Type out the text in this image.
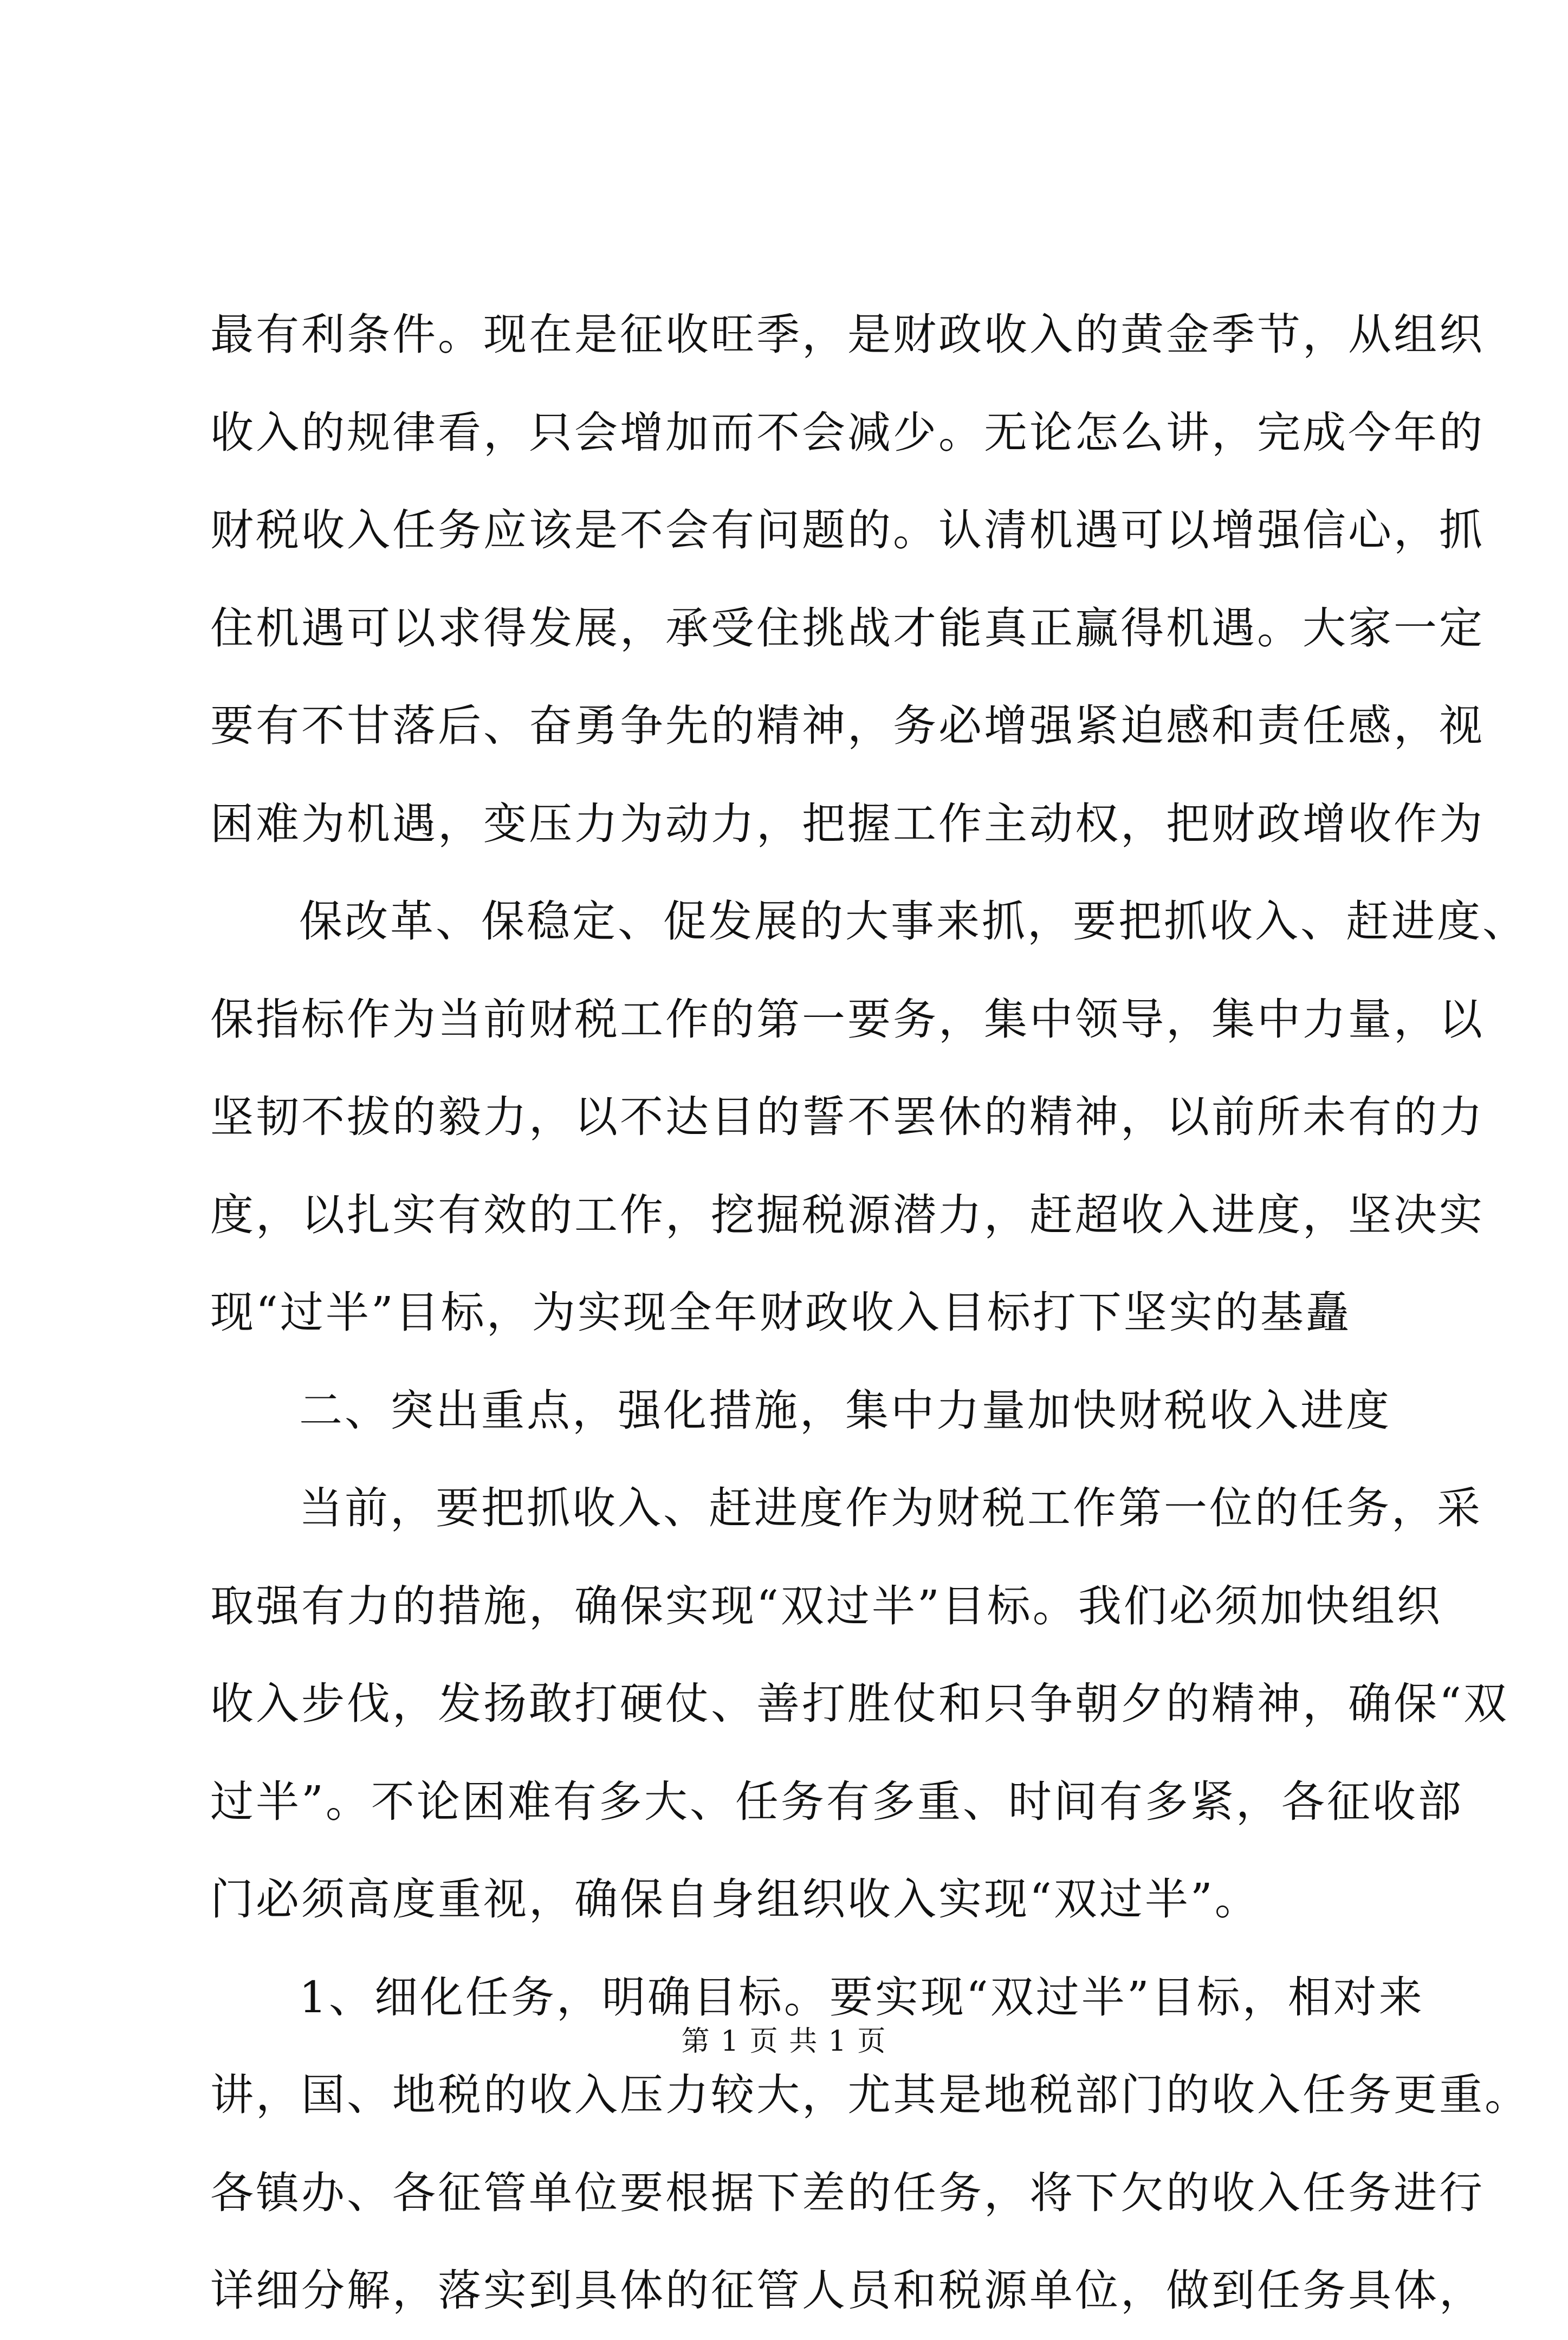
最有利条件。现在是征收旺季，是财政收入的黄金季节，从组织
收入的规律看，只会增加而不会减少。无论怎么讲，完成今年的
财税收入任务应该是不会有问题的。认清机遇可以增强信心，抓
住机遇可以求得发展，承受住挑战才能真正赢得机遇。大家一定
要有不甘落后、奋勇争先的精神，务必增强紧迫感和责任感，视
困难为机遇，变压力为动力，把握工作主动权，把财政增收作为
保改革、保稳定、促发展的大事来抓，要把抓收入、赶进度、
保指标作为当前财税工作的第一要务，集中领导，集中力量，以
坚韧不拔的毅力，以不达目的誓不罢休的精神，以前所未有的力
度，以扎实有效的工作，挖掘税源潜力，赶超收入进度，坚决实
现“过半”目标，为实现全年财政收入目标打下坚实的基矗
二、突出重点，强化措施，集中力量加快财税收入进度
当前，要把抓收入、赶进度作为财税工作第一位的任务，采
取强有力的措施，确保实现“双过半”目标。我们必须加快组织
收入步伐，发扬敢打硬仗、善打胜仗和只争朝夕的精神，确保“双
过半”。不论困难有多大、任务有多重、时间有多紧，各征收部
门必须高度重视，确保自身组织收入实现“双过半”。
1、细化任务，明确目标。要实现“双过半”目标，相对来
讲，国、地税的收入压力较大，尤其是地税部门的收入任务更重。
各镇办、各征管单位要根据下差的任务，将下欠的收入任务进行
详细分解，落实到具体的征管人员和税源单位，做到任务具体，
第 1 页 共 1 页
